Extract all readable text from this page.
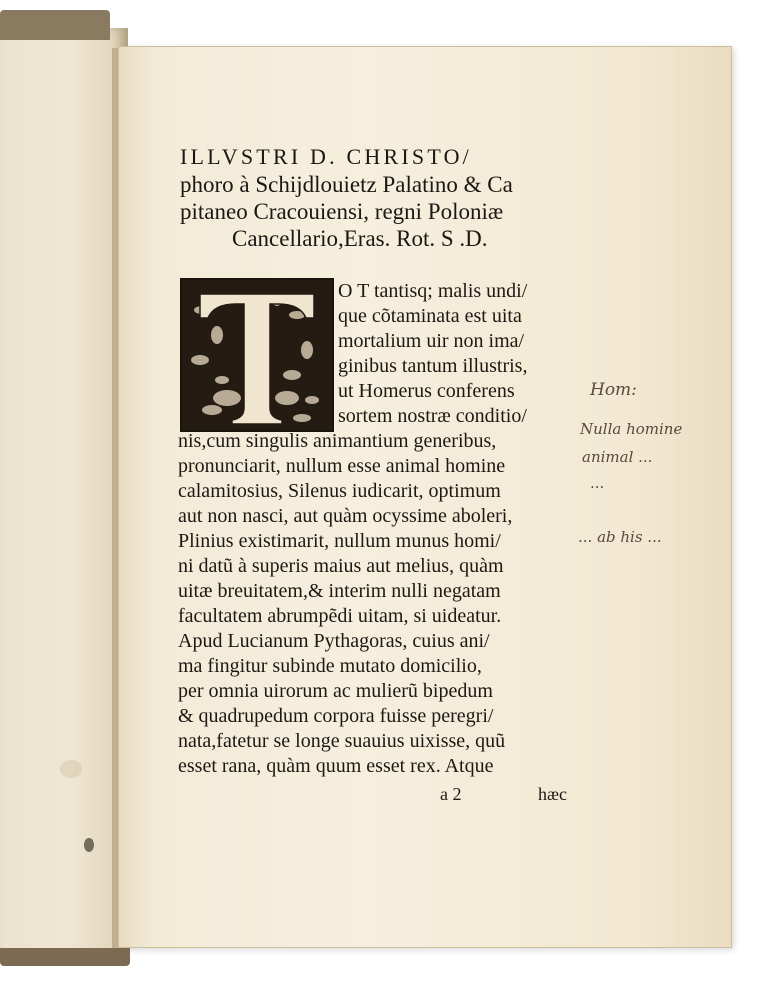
ILLVSTRI D. CHRISTO/
phoro à Schijdlouietz Palatino & Ca
pitaneo Cracouiensi, regni Poloniæ
Cancellario,Eras. Rot. S .D.
O T tantisq; malis undi/
que cõtaminata est uita
mortalium uir non ima/
ginibus tantum illustris,
ut Homerus conferens
sortem nostræ conditio/
nis,cum singulis animantium generibus,
pronunciarit, nullum esse animal homine
calamitosius, Silenus iudicarit, optimum
aut non nasci, aut quàm ocyssime aboleri,
Plinius existimarit, nullum munus homi/
ni datũ à superis maius aut melius, quàm
uitæ breuitatem,& interim nulli negatam
facultatem abrumpẽdi uitam, si uideatur.
Apud Lucianum Pythagoras, cuius ani/
ma fingitur subinde mutato domicilio,
per omnia uirorum ac mulierũ bipedum
& quadrupedum corpora fuisse peregri/
nata,fatetur se longe suauius uixisse, quũ
esset rana, quàm quum esset rex. Atque
a 2	hæc
Hom:
Nulla homine
animal ...
...
... ab his ...
